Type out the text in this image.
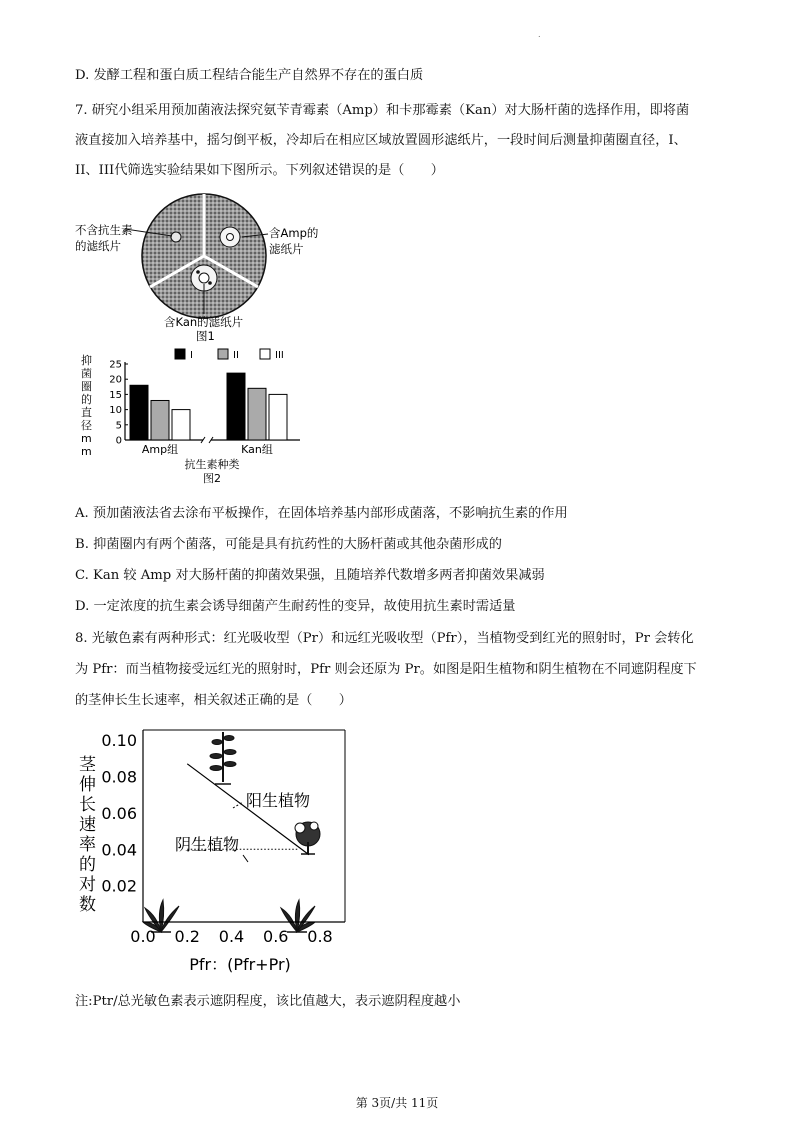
.
D. 发酵工程和蛋白质工程结合能生产自然界不存在的蛋白质
7. 研究小组采用预加菌液法探究氨苄青霉素（Amp）和卡那霉素（Kan）对大肠杆菌的选择作用，即将菌
液直接加入培养基中，摇匀倒平板，冷却后在相应区域放置圆形滤纸片，一段时间后测量抑菌圈直径，I、
II、III代筛选实验结果如下图所示。下列叙述错误的是（　　）
不含抗生素
的滤纸片
含Amp的
滤纸片
含Kan的滤纸片
图1
I	II	III
抑
菌
圈
的
直
径
m
m
25
20
15
10
5
0
Amp组	Kan组
抗生素种类
图2
A. 预加菌液法省去涂布平板操作，在固体培养基内部形成菌落，不影响抗生素的作用
B. 抑菌圈内有两个菌落，可能是具有抗药性的大肠杆菌或其他杂菌形成的
C. Kan 较 Amp 对大肠杆菌的抑菌效果强，且随培养代数增多两者抑菌效果减弱
D. 一定浓度的抗生素会诱导细菌产生耐药性的变异，故使用抗生素时需适量
8. 光敏色素有两种形式：红光吸收型（Pr）和远红光吸收型（Pfr），当植物受到红光的照射时，Pr 会转化
为 Pfr：而当植物接受远红光的照射时，Pfr 则会还原为 Pr。如图是阳生植物和阴生植物在不同遮阴程度下
的茎伸长生长速率，相关叙述正确的是（　　）
茎
伸
长
速
率
的
对
数
0.10
0.08
0.06
0.04
0.02
0.0 0.2 0.4 0.6 0.8
Pfr：(Pfr+Pr)
阳生植物
阴生植物
注:Ptr/总光敏色素表示遮阴程度，该比值越大，表示遮阴程度越小
第 3页/共 11页
